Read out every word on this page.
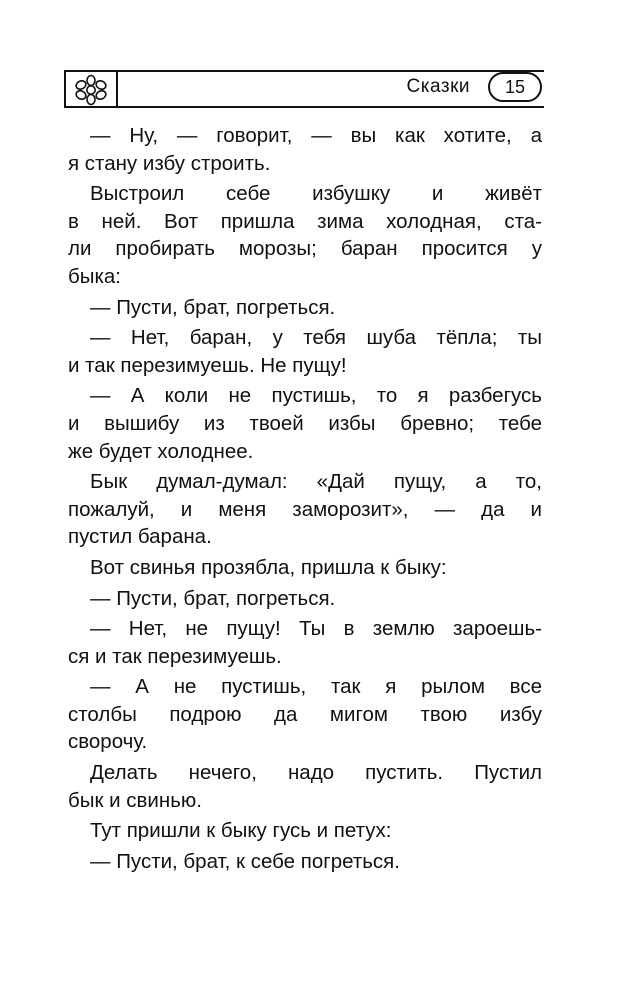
Сказки	15
— Ну, — говорит, — вы как хотите, а
я стану избу строить.
Выстроил себе избушку и живёт
в ней. Вот пришла зима холодная, ста-
ли пробирать морозы; баран просится у
быка:
— Пусти, брат, погреться.
— Нет, баран, у тебя шуба тёпла; ты
и так перезимуешь. Не пущу!
— А коли не пустишь, то я разбегусь
и вышибу из твоей избы бревно; тебе
же будет холоднее.
Бык думал-думал: «Дай пущу, а то,
пожалуй, и меня заморозит», — да и
пустил барана.
Вот свинья прозябла, пришла к быку:
— Пусти, брат, погреться.
— Нет, не пущу! Ты в землю зароешь-
ся и так перезимуешь.
— А не пустишь, так я рылом все
столбы подрою да мигом твою избу
сворочу.
Делать нечего, надо пустить. Пустил
бык и свинью.
Тут пришли к быку гусь и петух:
— Пусти, брат, к себе погреться.
